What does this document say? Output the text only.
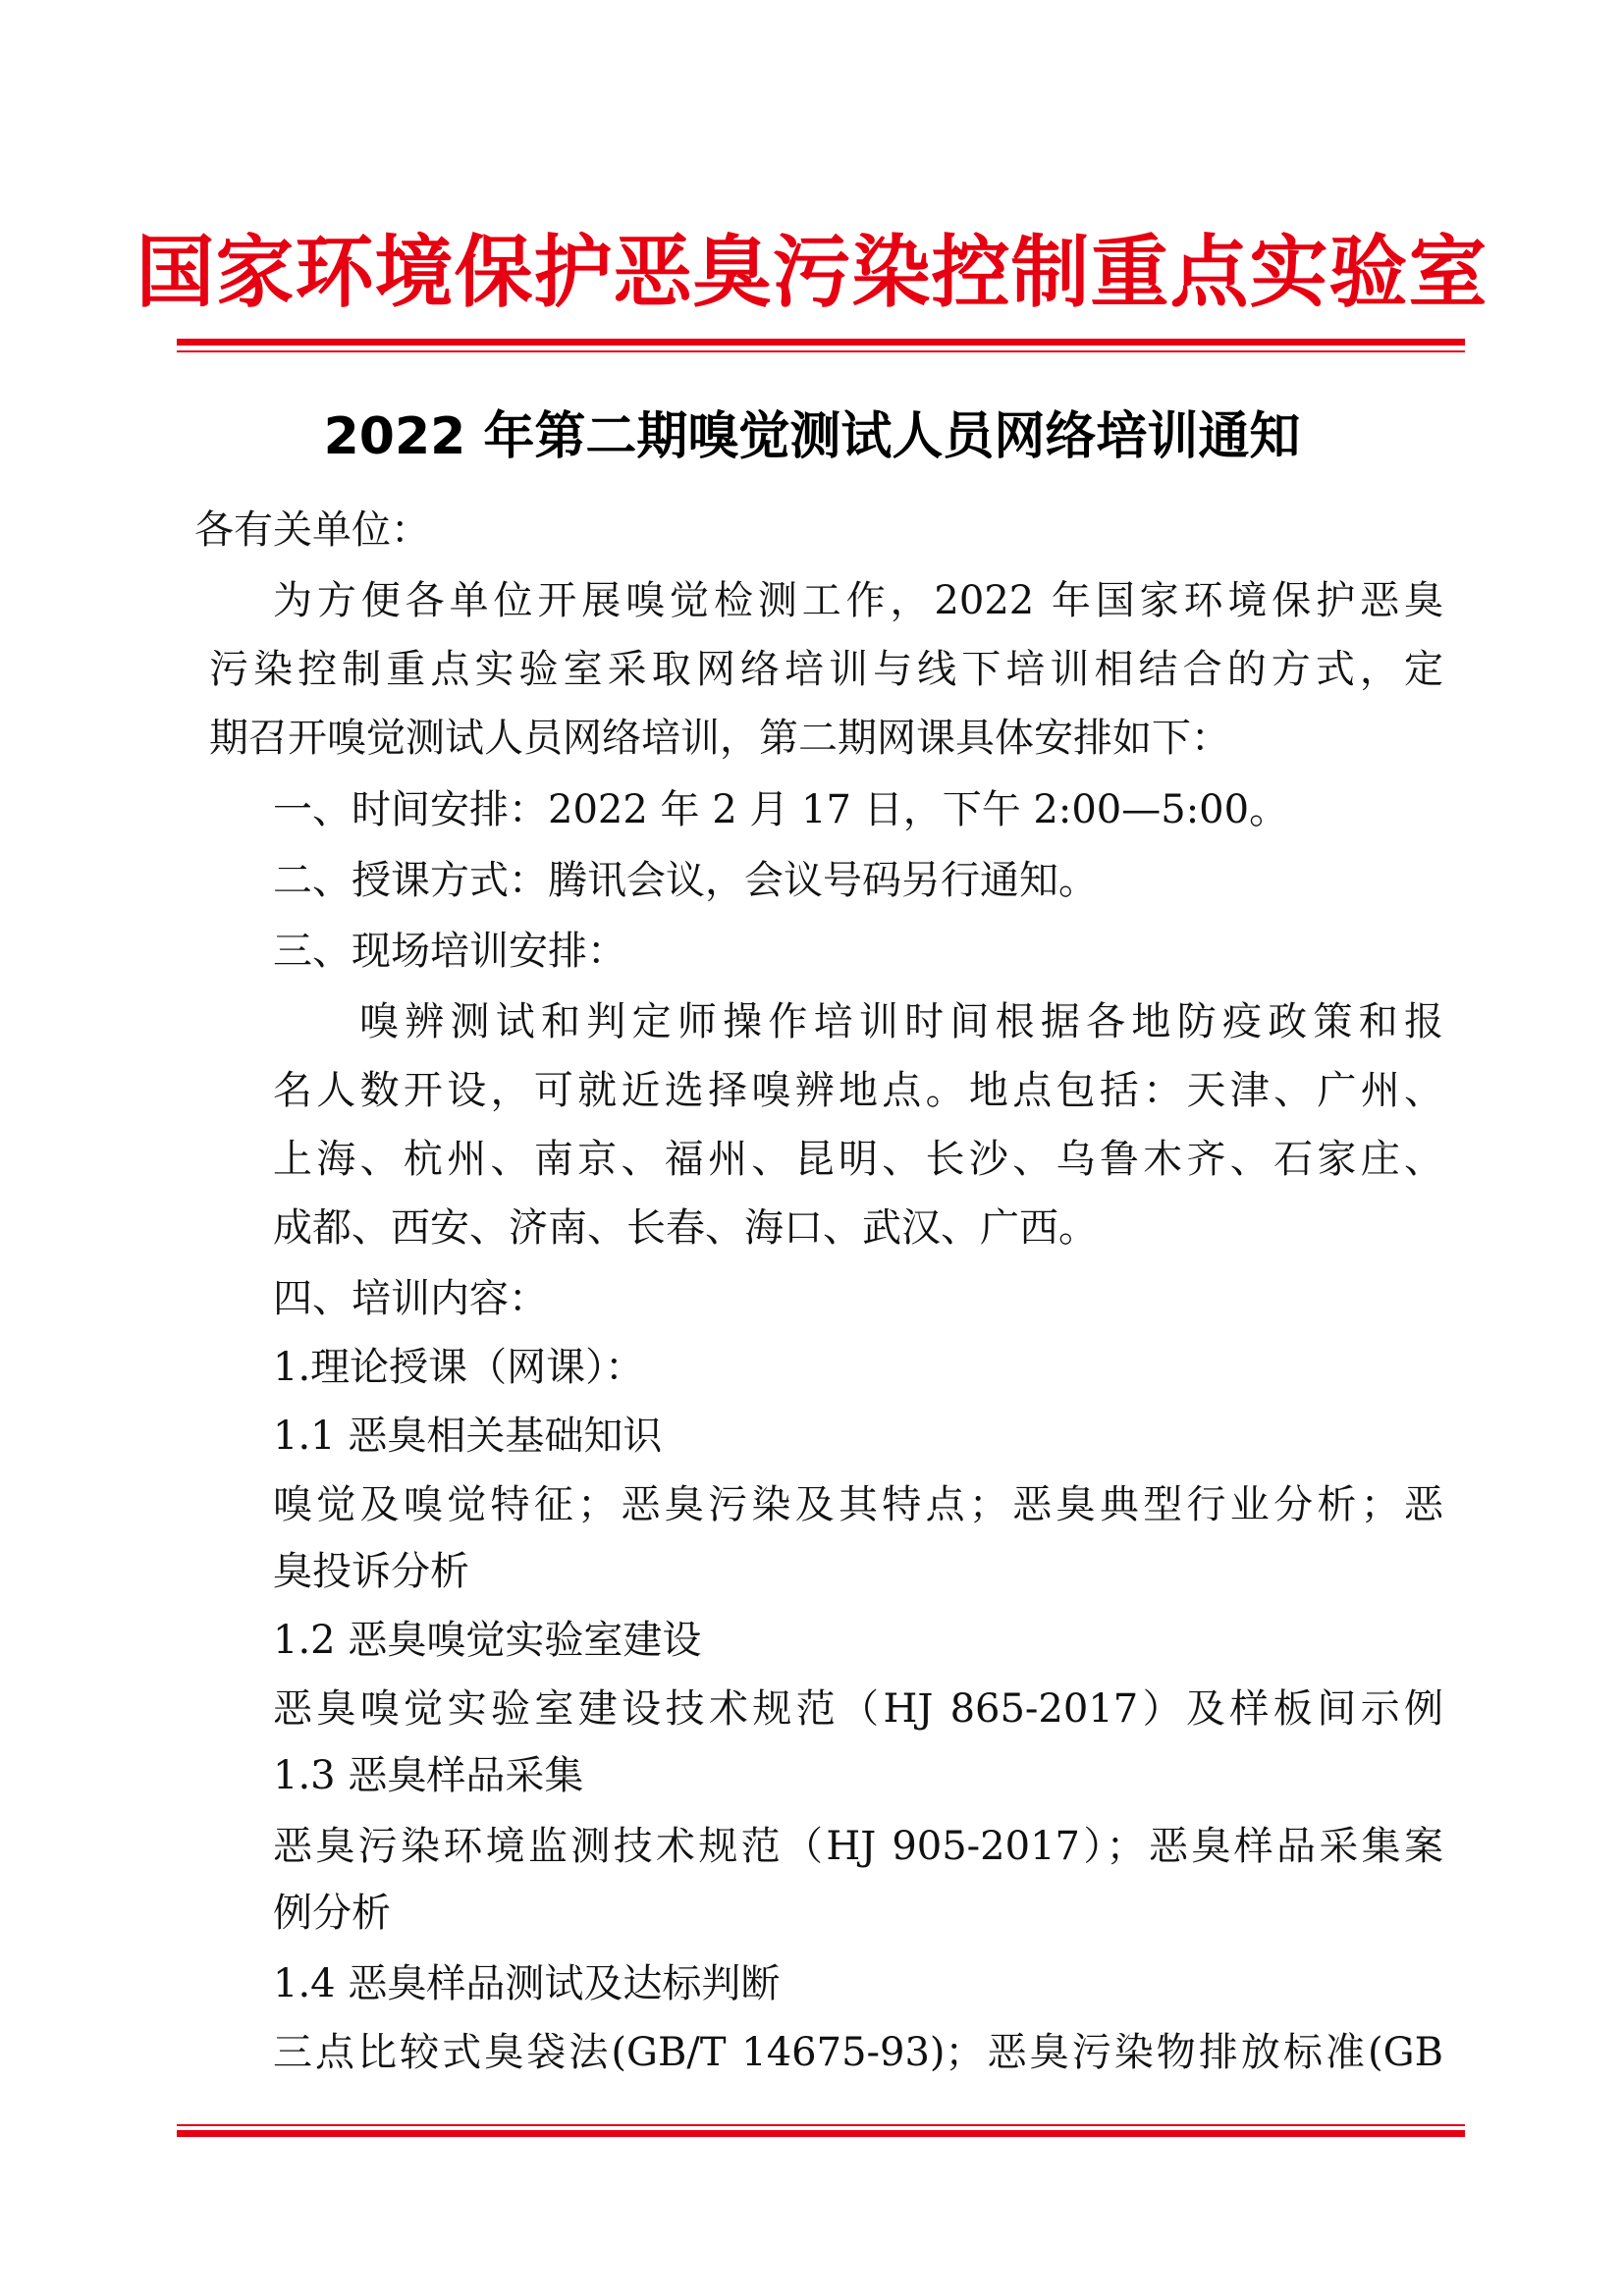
国家环境保护恶臭污染控制重点实验室
2022 年第二期嗅觉测试人员网络培训通知

各有关单位：

为方便各单位开展嗅觉检测工作，2022 年国家环境保护恶臭

污染控制重点实验室采取网络培训与线下培训相结合的方式，定

期召开嗅觉测试人员网络培训，第二期网课具体安排如下：

一、时间安排：2022 年 2 月 17 日，下午 2:00—5:00。

二、授课方式：腾讯会议，会议号码另行通知。

三、现场培训安排：

嗅辨测试和判定师操作培训时间根据各地防疫政策和报

名人数开设，可就近选择嗅辨地点。地点包括：天津、广州、

上海、杭州、南京、福州、昆明、长沙、乌鲁木齐、石家庄、

成都、西安、济南、长春、海口、武汉、广西。

四、培训内容：

1.理论授课（网课）：

1.1 恶臭相关基础知识

嗅觉及嗅觉特征；恶臭污染及其特点；恶臭典型行业分析；恶

臭投诉分析

1.2 恶臭嗅觉实验室建设

恶臭嗅觉实验室建设技术规范（HJ 865-2017）及样板间示例

1.3 恶臭样品采集

恶臭污染环境监测技术规范（HJ 905-2017）；恶臭样品采集案

例分析

1.4 恶臭样品测试及达标判断

三点比较式臭袋法(GB/T 14675-93)；恶臭污染物排放标准(GB
